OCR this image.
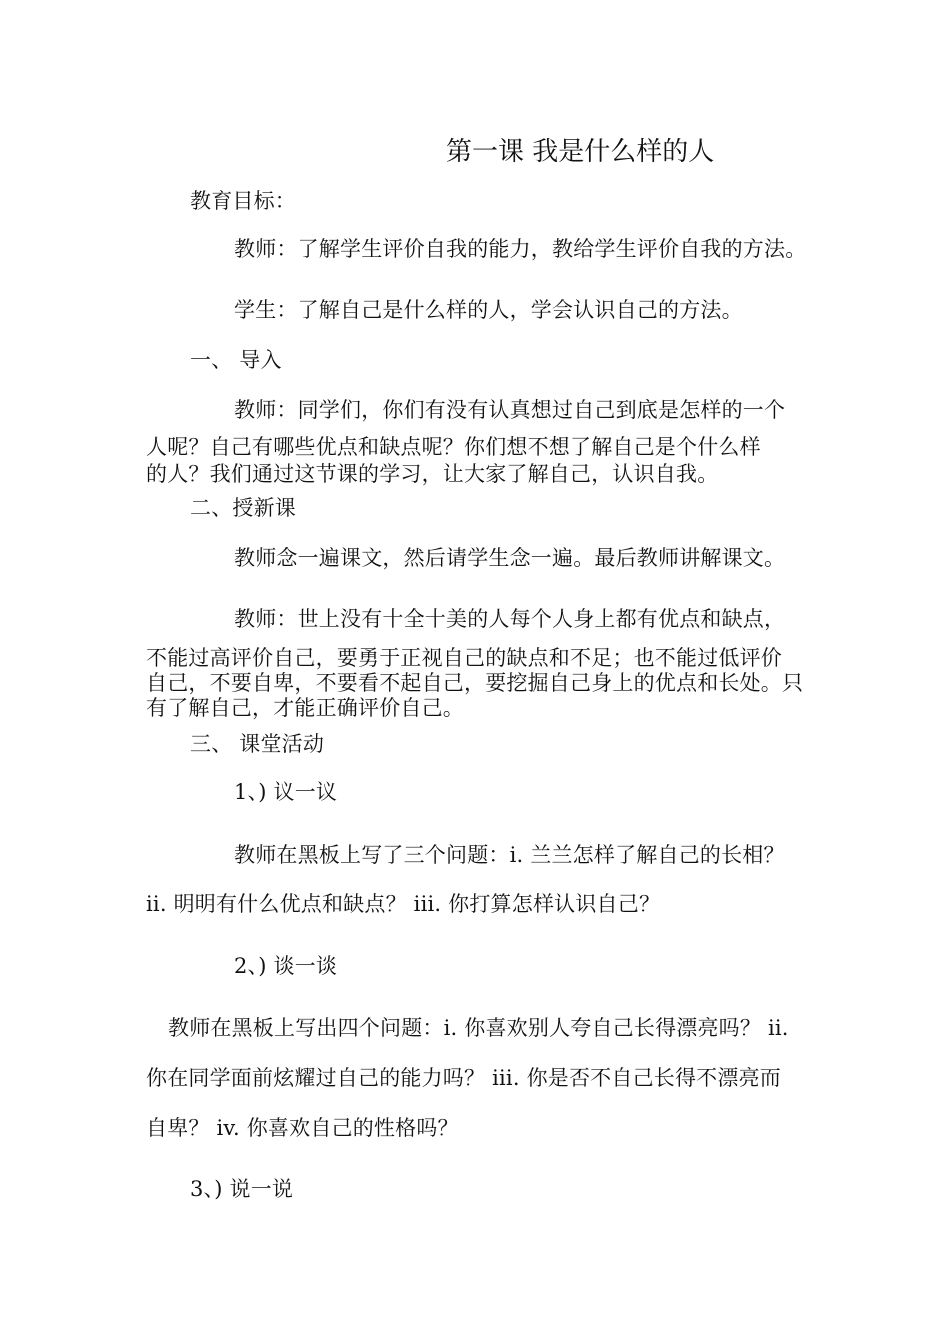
第一课 我是什么样的人
教育目标：
教师：了解学生评价自我的能力，教给学生评价自我的方法。
学生：了解自己是什么样的人，学会认识自己的方法。
一、 导入
教师：同学们，你们有没有认真想过自己到底是怎样的一个
人呢？自己有哪些优点和缺点呢？你们想不想了解自己是个什么样
的人？我们通过这节课的学习，让大家了解自己，认识自我。
二、授新课
教师念一遍课文，然后请学生念一遍。最后教师讲解课文。
教师：世上没有十全十美的人每个人身上都有优点和缺点，
不能过高评价自己，要勇于正视自己的缺点和不足；也不能过低评价
自己，不要自卑，不要看不起自己，要挖掘自己身上的优点和长处。只
有了解自己，才能正确评价自己。
三、 课堂活动
1、) 议一议
教师在黑板上写了三个问题：i. 兰兰怎样了解自己的长相？
ii. 明明有什么优点和缺点？ iii. 你打算怎样认识自己？
2、) 谈一谈
教师在黑板上写出四个问题：i. 你喜欢别人夸自己长得漂亮吗？ ii.
你在同学面前炫耀过自己的能力吗？ iii. 你是否不自己长得不漂亮而
自卑？ iv. 你喜欢自己的性格吗？
3、) 说一说
